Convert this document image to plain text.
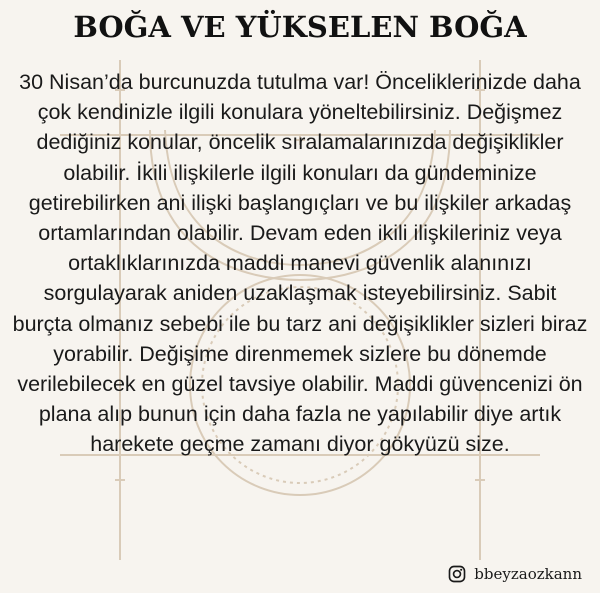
BOĞA VE YÜKSELEN BOĞA
30 Nisan’da burcunuzda tutulma var! Önceliklerinizde daha çok kendinizle ilgili konulara yöneltebilirsiniz. Değişmez dediğiniz konular, öncelik sıralamalarınızda değişiklikler olabilir. İkili ilişkilerle ilgili konuları da gündeminize getirebilirken ani ilişki başlangıçları ve bu ilişkiler arkadaş ortamlarından olabilir. Devam eden ikili ilişkileriniz veya ortaklıklarınızda maddi manevi güvenlik alanınızı sorgulayarak aniden uzaklaşmak isteyebilirsiniz. Sabit burçta olmanız sebebi ile bu tarz ani değişiklikler sizleri biraz yorabilir. Değişime direnmemek sizlere bu dönemde verilebilecek en güzel tavsiye olabilir. Maddi güvencenizi ön plana alıp bunun için daha fazla ne yapılabilir diye artık harekete geçme zamanı diyor gökyüzü size.
bbeyzaozkann
